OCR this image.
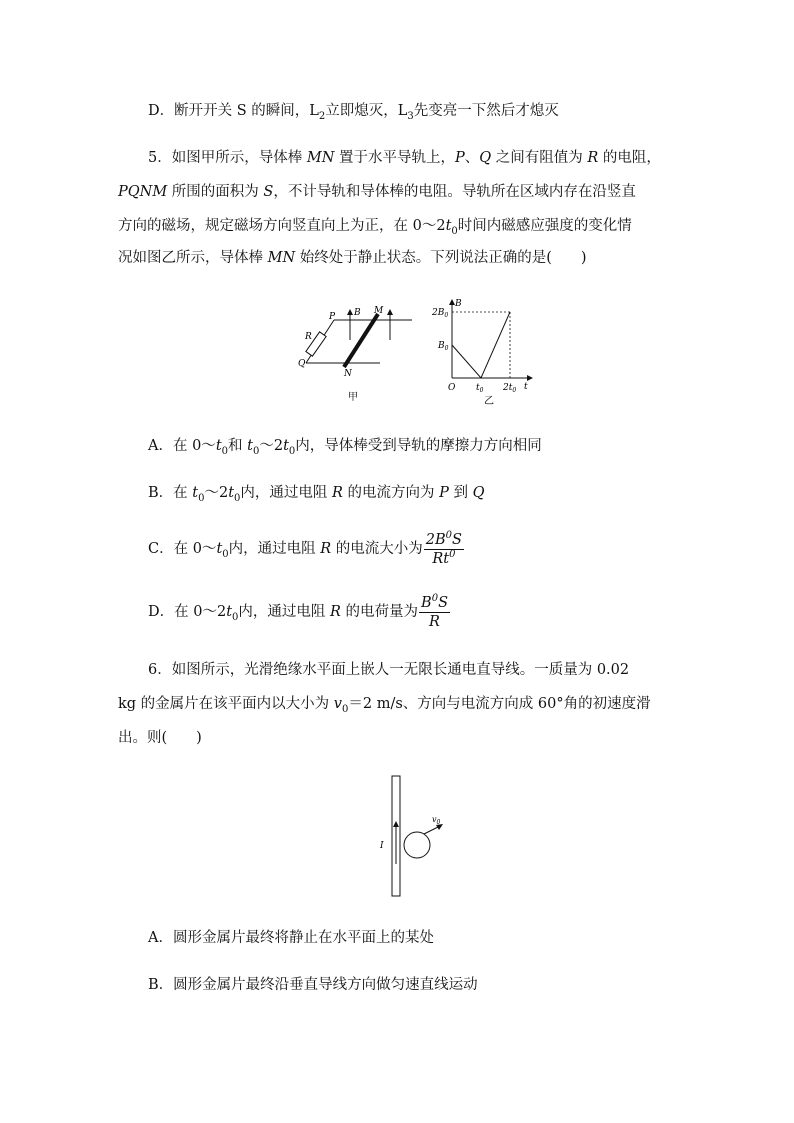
D．断开开关 S 的瞬间，$L_2$立即熄灭，$L_3$先变亮一下然后才熄灭
5．如图甲所示，导体棒 MN 置于水平导轨上，P、Q 之间有阻值为 R 的电阻，
PQNM 所围的面积为 S，不计导轨和导体棒的电阻。导轨所在区域内存在沿竖直
方向的磁场，规定磁场方向竖直向上为正，在 $0\sim 2t_0$时间内磁感应强度的变化情
况如图乙所示，导体棒 MN 始终处于静止状态。下列说法正确的是(　　)
P
Q
R
B M
N
甲
B
$2B_0$
$B_0$
O $t_0$ $2t_0$ t
乙
A．在 $0\sim t_0$和 $t_0\sim 2t_0$内，导体棒受到导轨的摩擦力方向相同
B．在 $t_0\sim 2t_0$内，通过电阻 R 的电流方向为 P 到 Q
C．在 $0\sim t_0$内，通过电阻 R 的电流大小为 $\frac{2B^0S}{Rt^0}$
D．在 $0\sim 2t_0$内，通过电阻 R 的电荷量为 $\frac{B^0S}{R}$
6．如图所示，光滑绝缘水平面上嵌人一无限长通电直导线。一质量为 0.02
kg 的金属片在该平面内以大小为 $v_0=2$ m/s、方向与电流方向成 60°角的初速度滑
出。则(　　)
I
$v_0$
A．圆形金属片最终将静止在水平面上的某处
B．圆形金属片最终沿垂直导线方向做匀速直线运动
